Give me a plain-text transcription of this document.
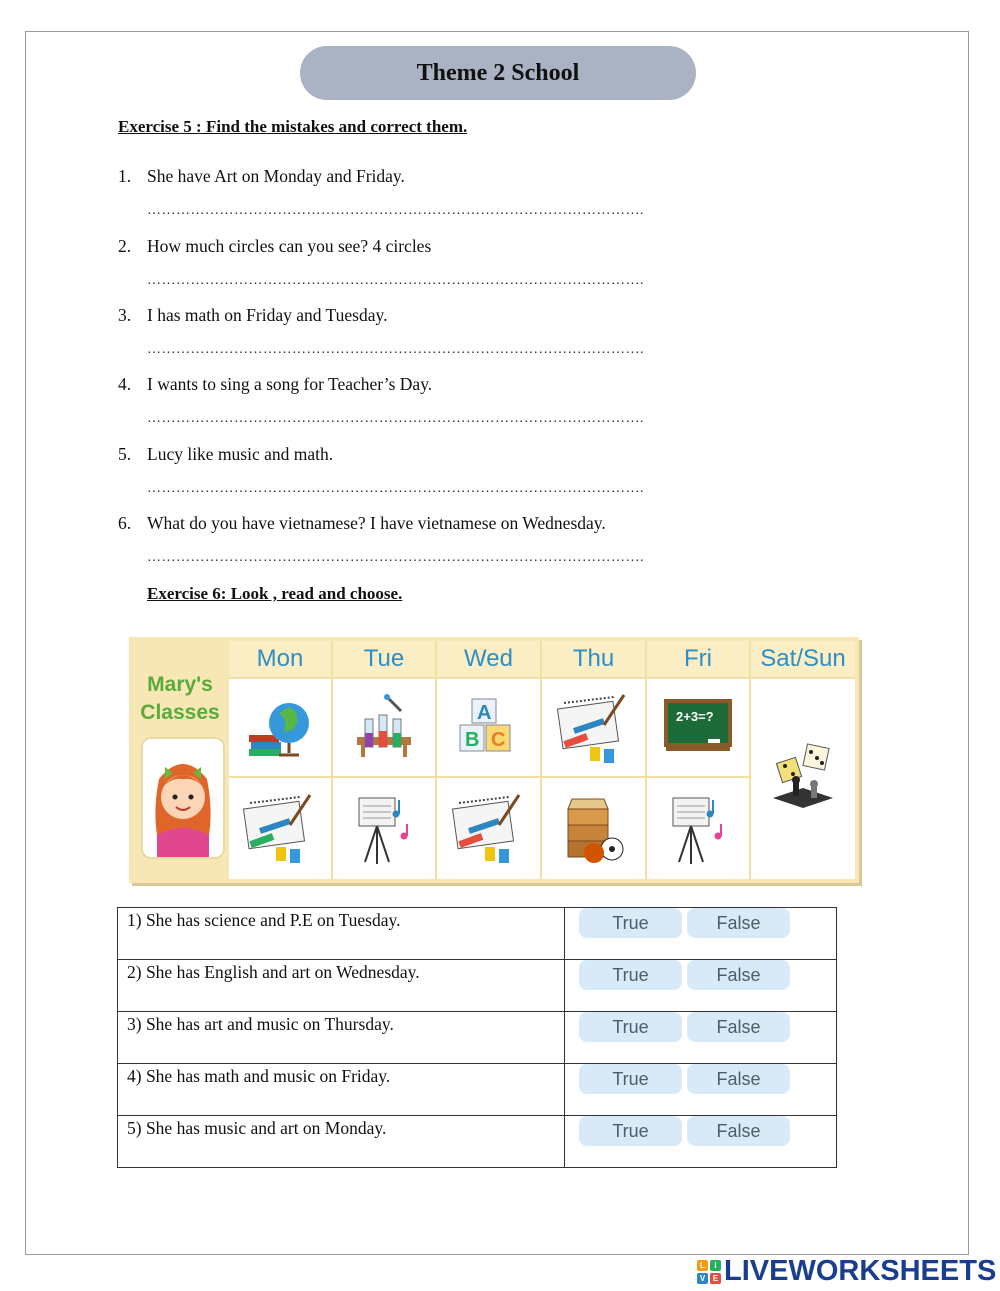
Theme 2 School
Exercise 5 : Find the mistakes and correct them.
1. She have Art on Monday and Friday.
………………………………………………………………………………………….
2. How much circles can you see? 4 circles
………………………………………………………………………………………….
3. I has math on Friday and Tuesday.
………………………………………………………………………………………….
4. I wants to sing a song for Teacher’s Day.
………………………………………………………………………………………….
5. Lucy like music and math.
………………………………………………………………………………………….
6. What do you have vietnamese? I have vietnamese on Wednesday.
………………………………………………………………………………………….
Exercise 6: Look , read and choose.
Mary's
Classes
Mon	Tue	Wed	Thu	Fri	Sat/Sun
A
B C
2+3=?
1) She has science and P.E on Tuesday.	True False

2) She has English and art on Wednesday.	True False

3) She has art and music on Thursday.	True False

4) She has math and music on Friday.	True False

5) She has music and art on Monday.	True False
L	I
V E LIVEWORKSHEETS
